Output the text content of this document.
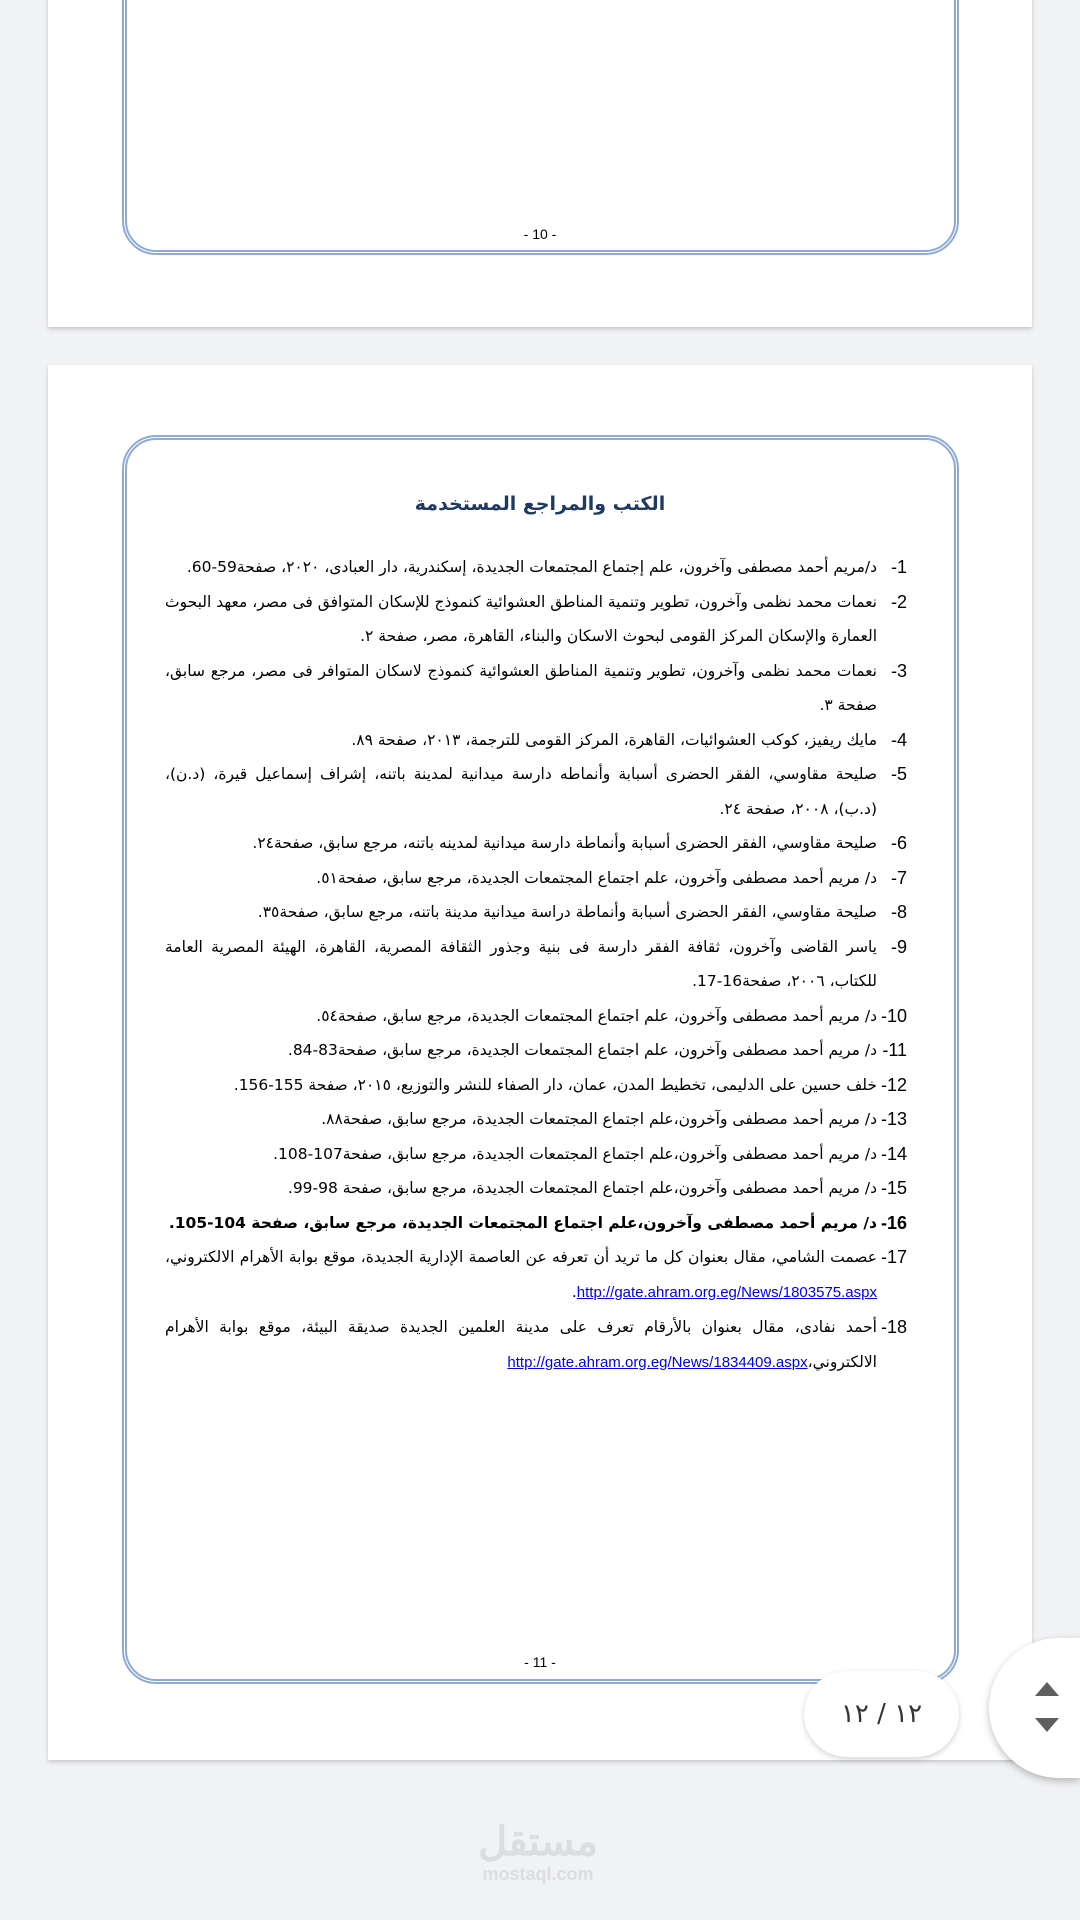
- 10 -
الكتب والمراجع المستخدمة
1-
د/مريم أحمد مصطفى وآخرون، علم إجتماع المجتمعات الجديدة، إسكندرية، دار العبادى، ٢٠٢٠، صفحة59-60.
2-
نعمات محمد نظمى وآخرون، تطوير وتنمية المناطق العشوائية كنموذج للإسكان المتوافق فى مصر، معهد البحوث العمارة والإسكان المركز القومى لبحوث الاسكان والبناء، القاهرة، مصر، صفحة ٢.
3-
نعمات محمد نظمى وآخرون، تطوير وتنمية المناطق العشوائية كنموذج لاسكان المتوافر فى مصر، مرجع سابق، صفحة ٣.
4-
مايك ريفيز، كوكب العشوائيات، القاهرة، المركز القومى للترجمة، ٢٠١٣، صفحة ٨٩.
5-
صليحة مقاوسي، الفقر الحضرى أسبابة وأنماطه دارسة ميدانية لمدينة باتنه، إشراف إسماعيل قيرة، (د.ن)،(د.ب)، ٢٠٠٨، صفحة ٢٤.
6-
صليحة مقاوسي، الفقر الحضرى أسبابة وأنماطة دارسة ميدانية لمدينه باتنه، مرجع سابق، صفحة٢٤.
7-
د/ مريم أحمد مصطفى وآخرون، علم اجتماع المجتمعات الجديدة، مرجع سابق، صفحة٥١.
8-
صليحة مقاوسي، الفقر الحضرى أسبابة وأنماطة دراسة ميدانية مدينة باتنه، مرجع سابق، صفحة٣٥.
9-
ياسر القاضى وآخرون، ثقافة الفقر دارسة فى بنية وجذور الثقافة المصرية، القاهرة، الهيئة المصرية العامة للكتاب، ٢٠٠٦، صفحة16-17.
10-
د/ مريم أحمد مصطفى وآخرون، علم اجتماع المجتمعات الجديدة، مرجع سابق، صفحة٥٤.
11-
د/ مريم أحمد مصطفى وآخرون، علم اجتماع المجتمعات الجديدة، مرجع سابق، صفحة83-84.
12-
خلف حسين على الدليمى، تخطيط المدن، عمان، دار الصفاء للنشر والتوزيع، ٢٠١٥، صفحة 155-156.
13-
د/ مريم أحمد مصطفى وآخرون،علم اجتماع المجتمعات الجديدة، مرجع سابق، صفحة٨٨.
14-
د/ مريم أحمد مصطفى وآخرون،علم اجتماع المجتمعات الجديدة، مرجع سابق، صفحة107-108.
15-
د/ مريم أحمد مصطفى وآخرون،علم اجتماع المجتمعات الجديدة، مرجع سابق، صفحة 98-99.
16-
د/ مريم أحمد مصطفى وآخرون،علم اجتماع المجتمعات الجديدة، مرجع سابق، صفحة 104-105.
17-
عصمت الشامي، مقال بعنوان كل ما تريد أن تعرفه عن العاصمة الإدارية الجديدة، موقع بوابة الأهرام الالكتروني، http://gate.ahram.org.eg/News/1803575.aspx.
18-
أحمد نفادى، مقال بعنوان بالأرقام تعرف على مدينة العلمين الجديدة صديقة البيئة، موقع بوابة الأهرام الالكتروني،http://gate.ahram.org.eg/News/1834409.aspx
- 11 -
١٢ / ١٢
مستقل
mostaql.com
